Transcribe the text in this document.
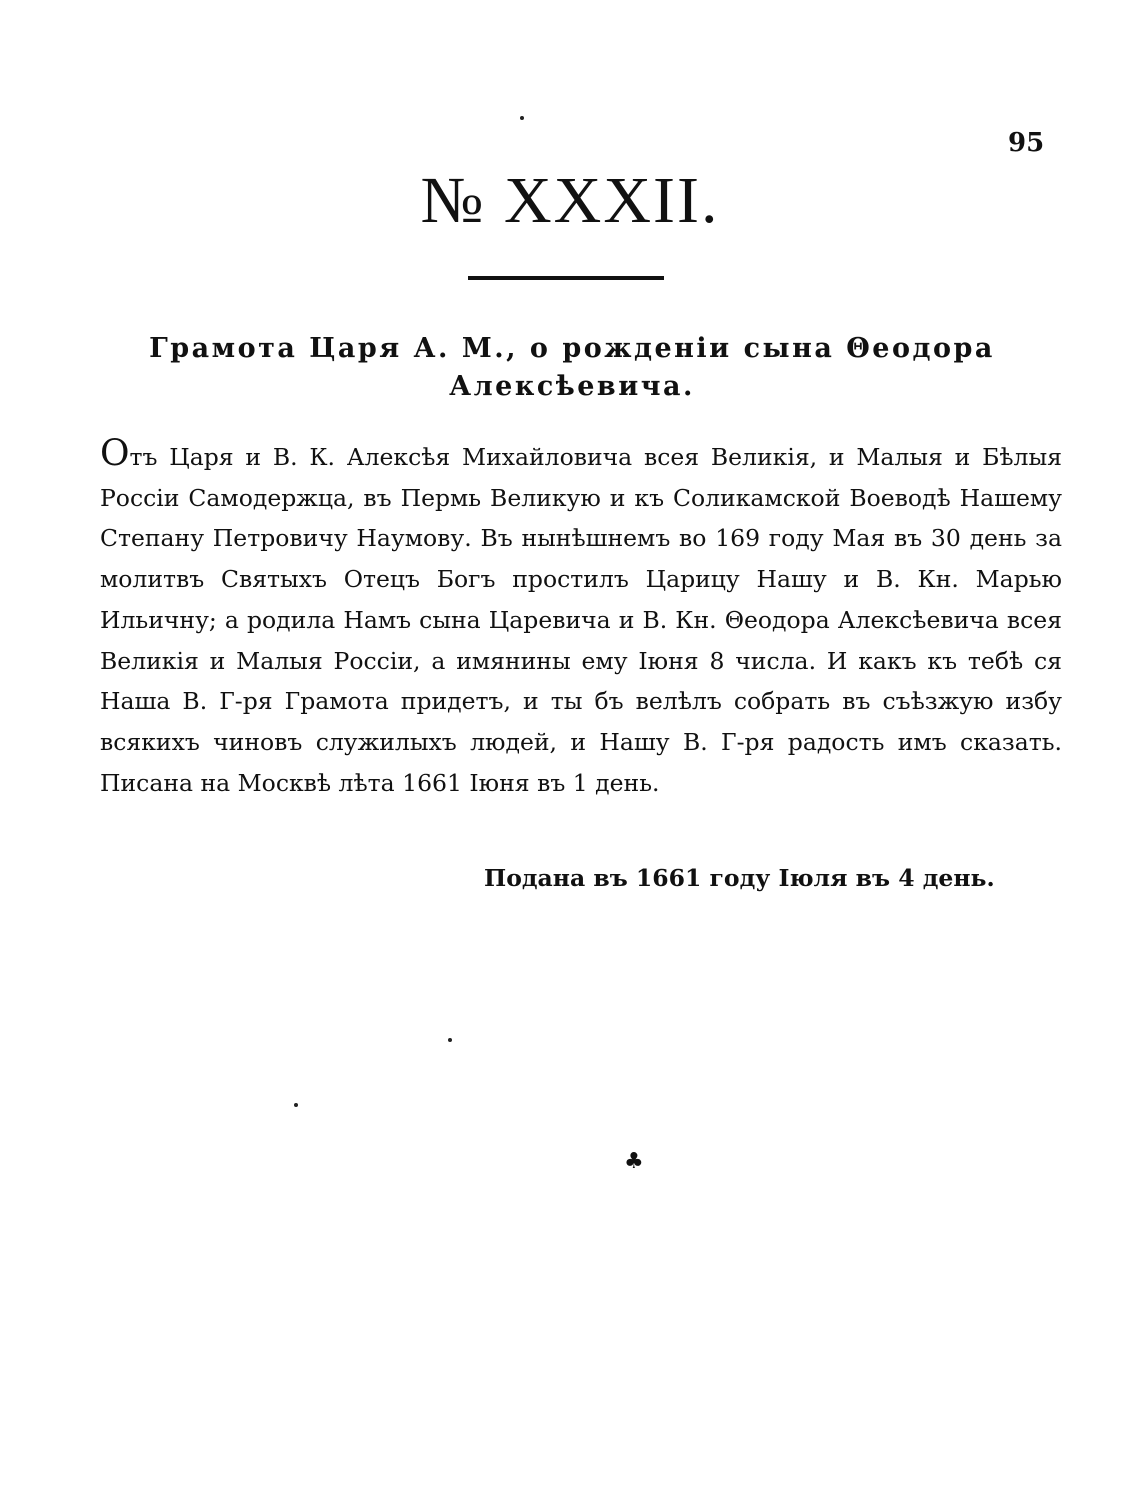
95
№ XXXII.
Грамота Царя А. М., о рожденіи сына Θеодора Алексѣевича.

Отъ Царя и В. К. Алексѣя Михайловича всея Великія, и Малыя и Бѣлыя Россіи Самодержца, въ Пермь Великую и къ Соликамской Воеводѣ Нашему Степану Петровичу Наумову. Въ нынѣшнемъ во 169 году Мая въ 30 день за молитвъ Святыхъ Отецъ Богъ простилъ Царицу Нашу и В. Кн. Марью Ильичну; а родила Намъ сына Царевича и В. Кн. Θеодора Алексѣевича всея Великія и Малыя Россіи, а имянины ему Іюня 8 числа. И какъ къ тебѣ ся Наша В. Г-ря Грамота придетъ, и ты бъ велѣлъ собрать въ съѣзжую избу всякихъ чиновъ служилыхъ людей, и Нашу В. Г-ря радость имъ сказать. Писана на Москвѣ лѣта 1661 Іюня въ 1 день.

Подана въ 1661 году Іюля въ 4 день.
♣
